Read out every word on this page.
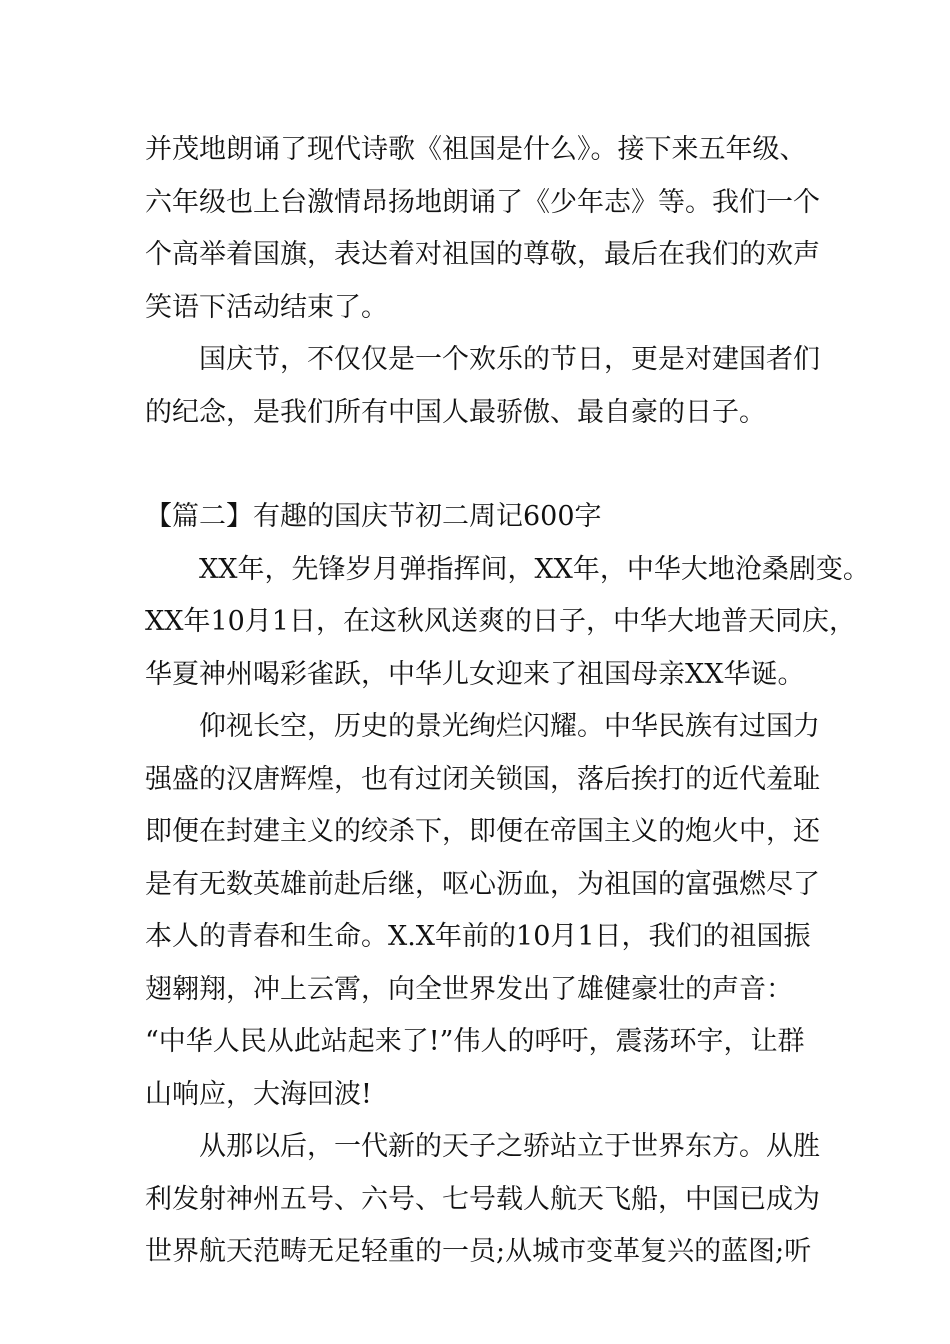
并茂地朗诵了现代诗歌《祖国是什么》。接下来五年级、
六年级也上台激情昂扬地朗诵了《少年志》等。我们一个
个高举着国旗，表达着对祖国的尊敬，最后在我们的欢声
笑语下活动结束了。
国庆节，不仅仅是一个欢乐的节日，更是对建国者们
的纪念，是我们所有中国人最骄傲、最自豪的日子。
【篇二】有趣的国庆节初二周记600字
XX年，先锋岁月弹指挥间，XX年，中华大地沧桑剧变。
XX年10月1日，在这秋风送爽的日子，中华大地普天同庆，
华夏神州喝彩雀跃，中华儿女迎来了祖国母亲XX华诞。
仰视长空，历史的景光绚烂闪耀。中华民族有过国力
强盛的汉唐辉煌，也有过闭关锁国，落后挨打的近代羞耻
即便在封建主义的绞杀下，即便在帝国主义的炮火中，还
是有无数英雄前赴后继，呕心沥血，为祖国的富强燃尽了
本人的青春和生命。X.X年前的10月1日，我们的祖国振
翅翱翔，冲上云霄，向全世界发出了雄健豪壮的声音：
“中华人民从此站起来了!”伟人的呼吁，震荡环宇，让群
山响应，大海回波!
从那以后，一代新的天子之骄站立于世界东方。从胜
利发射神州五号、六号、七号载人航天飞船，中国已成为
世界航天范畴无足轻重的一员;从城市变革复兴的蓝图;听
